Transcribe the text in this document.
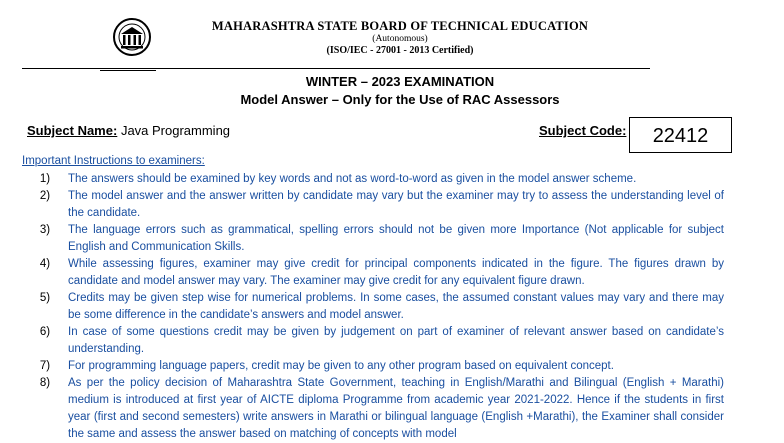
MAHARASHTRA STATE BOARD OF TECHNICAL EDUCATION
(Autonomous)
(ISO/IEC - 27001 - 2013 Certified)
WINTER – 2023 EXAMINATION
Model Answer – Only for the Use of RAC Assessors
Subject Name: Java Programming	Subject Code:	22412
Important Instructions to examiners:
1)	The answers should be examined by key words and not as word-to-word as given in the model answer scheme.
2)	The model answer and the answer written by candidate may vary but the examiner may try to assess the understanding level of the candidate.
3)	The language errors such as grammatical, spelling errors should not be given more Importance (Not applicable for subject English and Communication Skills.
4)	While assessing figures, examiner may give credit for principal components indicated in the figure. The figures drawn by candidate and model answer may vary. The examiner may give credit for any equivalent figure drawn.
5)	Credits may be given step wise for numerical problems. In some cases, the assumed constant values may vary and there may be some difference in the candidate’s answers and model answer.
6)	In case of some questions credit may be given by judgement on part of examiner of relevant answer based on candidate’s understanding.
7)	For programming language papers, credit may be given to any other program based on equivalent concept.
8)	As per the policy decision of Maharashtra State Government, teaching in English/Marathi and Bilingual (English + Marathi) medium is introduced at first year of AICTE diploma Programme from academic year 2021-2022. Hence if the students in first year (first and second semesters) write answers in Marathi or bilingual language (English +Marathi), the Examiner shall consider the same and assess the answer based on matching of concepts with model
